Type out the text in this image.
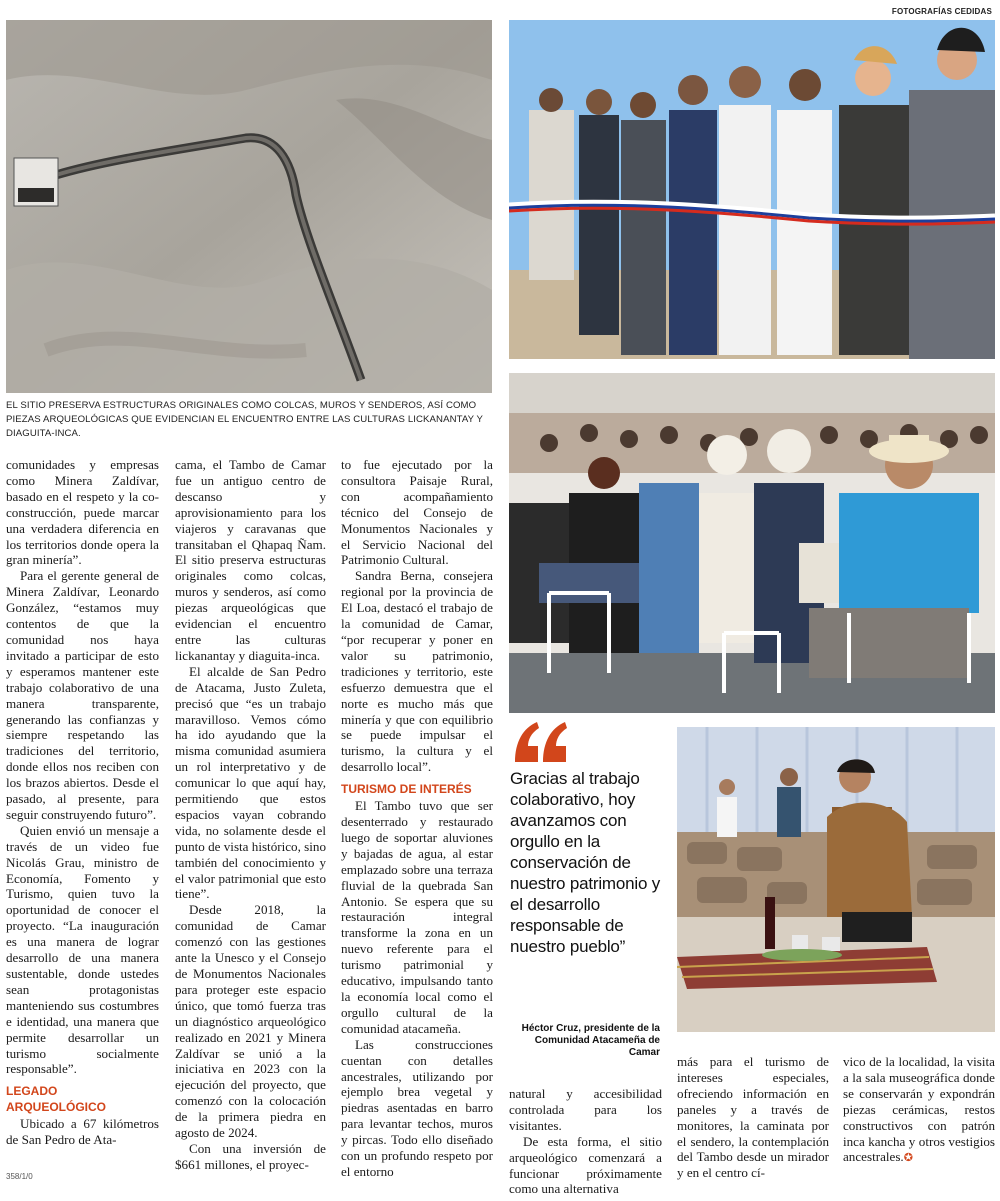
FOTOGRAFÍAS CEDIDAS
EL SITIO PRESERVA ESTRUCTURAS ORIGINALES COMO COLCAS, MUROS Y SENDEROS, ASÍ COMO PIEZAS ARQUEOLÓGICAS QUE EVIDENCIAN EL ENCUENTRO ENTRE LAS CULTURAS LICKANANTAY Y DIAGUITA-INCA.

comunidades y empresas como Minera Zaldívar, basado en el respeto y la co-construcción, puede marcar una verdadera diferencia en los territorios donde opera la gran minería”.

Para el gerente general de Minera Zaldívar, Leonardo González, “estamos muy contentos de que la comunidad nos haya invitado a participar de esto y esperamos mantener este trabajo colaborativo de una manera transparente, generando las confianzas y siempre respetando las tradiciones del territorio, donde ellos nos reciben con los brazos abiertos. Desde el pasado, al presente, para seguir construyendo futuro”.

Quien envió un mensaje a través de un video fue Nicolás Grau, ministro de Economía, Fomento y Turismo, quien tuvo la oportunidad de conocer el proyecto. “La inauguración es una manera de lograr desarrollo de una manera sustentable, donde ustedes sean protagonistas manteniendo sus costumbres e identidad, una manera que permite desarrollar un turismo socialmente responsable”.

LEGADO ARQUEOLÓGICO

Ubicado a 67 kilómetros de San Pedro de Ata-

cama, el Tambo de Camar fue un antiguo centro de descanso y aprovisionamiento para los viajeros y caravanas que transitaban el Qhapaq Ñam. El sitio preserva estructuras originales como colcas, muros y senderos, así como piezas arqueológicas que evidencian el encuentro entre las culturas lickanantay y diaguita-inca.

El alcalde de San Pedro de Atacama, Justo Zuleta, precisó que “es un trabajo maravilloso. Vemos cómo ha ido ayudando que la misma comunidad asumiera un rol interpretativo y de comunicar lo que aquí hay, permitiendo que estos espacios vayan cobrando vida, no solamente desde el punto de vista histórico, sino también del conocimiento y el valor patrimonial que esto tiene”.

Desde 2018, la comunidad de Camar comenzó con las gestiones ante la Unesco y el Consejo de Monumentos Nacionales para proteger este espacio único, que tomó fuerza tras un diagnóstico arqueológico realizado en 2021 y Minera Zaldívar se unió a la iniciativa en 2023 con la ejecución del proyecto, que comenzó con la colocación de la primera piedra en agosto de 2024.

Con una inversión de $661 millones, el proyec-

to fue ejecutado por la consultora Paisaje Rural, con acompañamiento técnico del Consejo de Monumentos Nacionales y el Servicio Nacional del Patrimonio Cultural.

Sandra Berna, consejera regional por la provincia de El Loa, destacó el trabajo de la comunidad de Camar, “por recuperar y poner en valor su patrimonio, tradiciones y territorio, este esfuerzo demuestra que el norte es mucho más que minería y que con equilibrio se puede impulsar el turismo, la cultura y el desarrollo local”.

TURISMO DE INTERÉS

El Tambo tuvo que ser desenterrado y restaurado luego de soportar aluviones y bajadas de agua, al estar emplazado sobre una terraza fluvial de la quebrada San Antonio. Se espera que su restauración integral transforme la zona en un nuevo referente para el turismo patrimonial y educativo, impulsando tanto la economía local como el orgullo cultural de la comunidad atacameña.

Las construcciones cuentan con detalles ancestrales, utilizando por ejemplo brea vegetal y piedras asentadas en barro para levantar techos, muros y pircas. Todo ello diseñado con un profundo respeto por el entorno

Gracias al trabajo colaborativo, hoy avanzamos con orgullo en la conservación de nuestro patrimonio y el desarrollo responsable de nuestro pueblo”
Héctor Cruz, presidente de la Comunidad Atacameña de Camar

natural y accesibilidad controlada para los visitantes.

De esta forma, el sitio arqueológico comenzará a funcionar próximamente como una alternativa

más para el turismo de intereses especiales, ofreciendo información en paneles y a través de monitores, la caminata por el sendero, la contemplación del Tambo desde un mirador y en el centro cí-

vico de la localidad, la visita a la sala museográfica donde se conservarán y expondrán piezas cerámicas, restos constructivos con patrón inca kancha y otros vestigios ancestrales.✪

358/1/0
